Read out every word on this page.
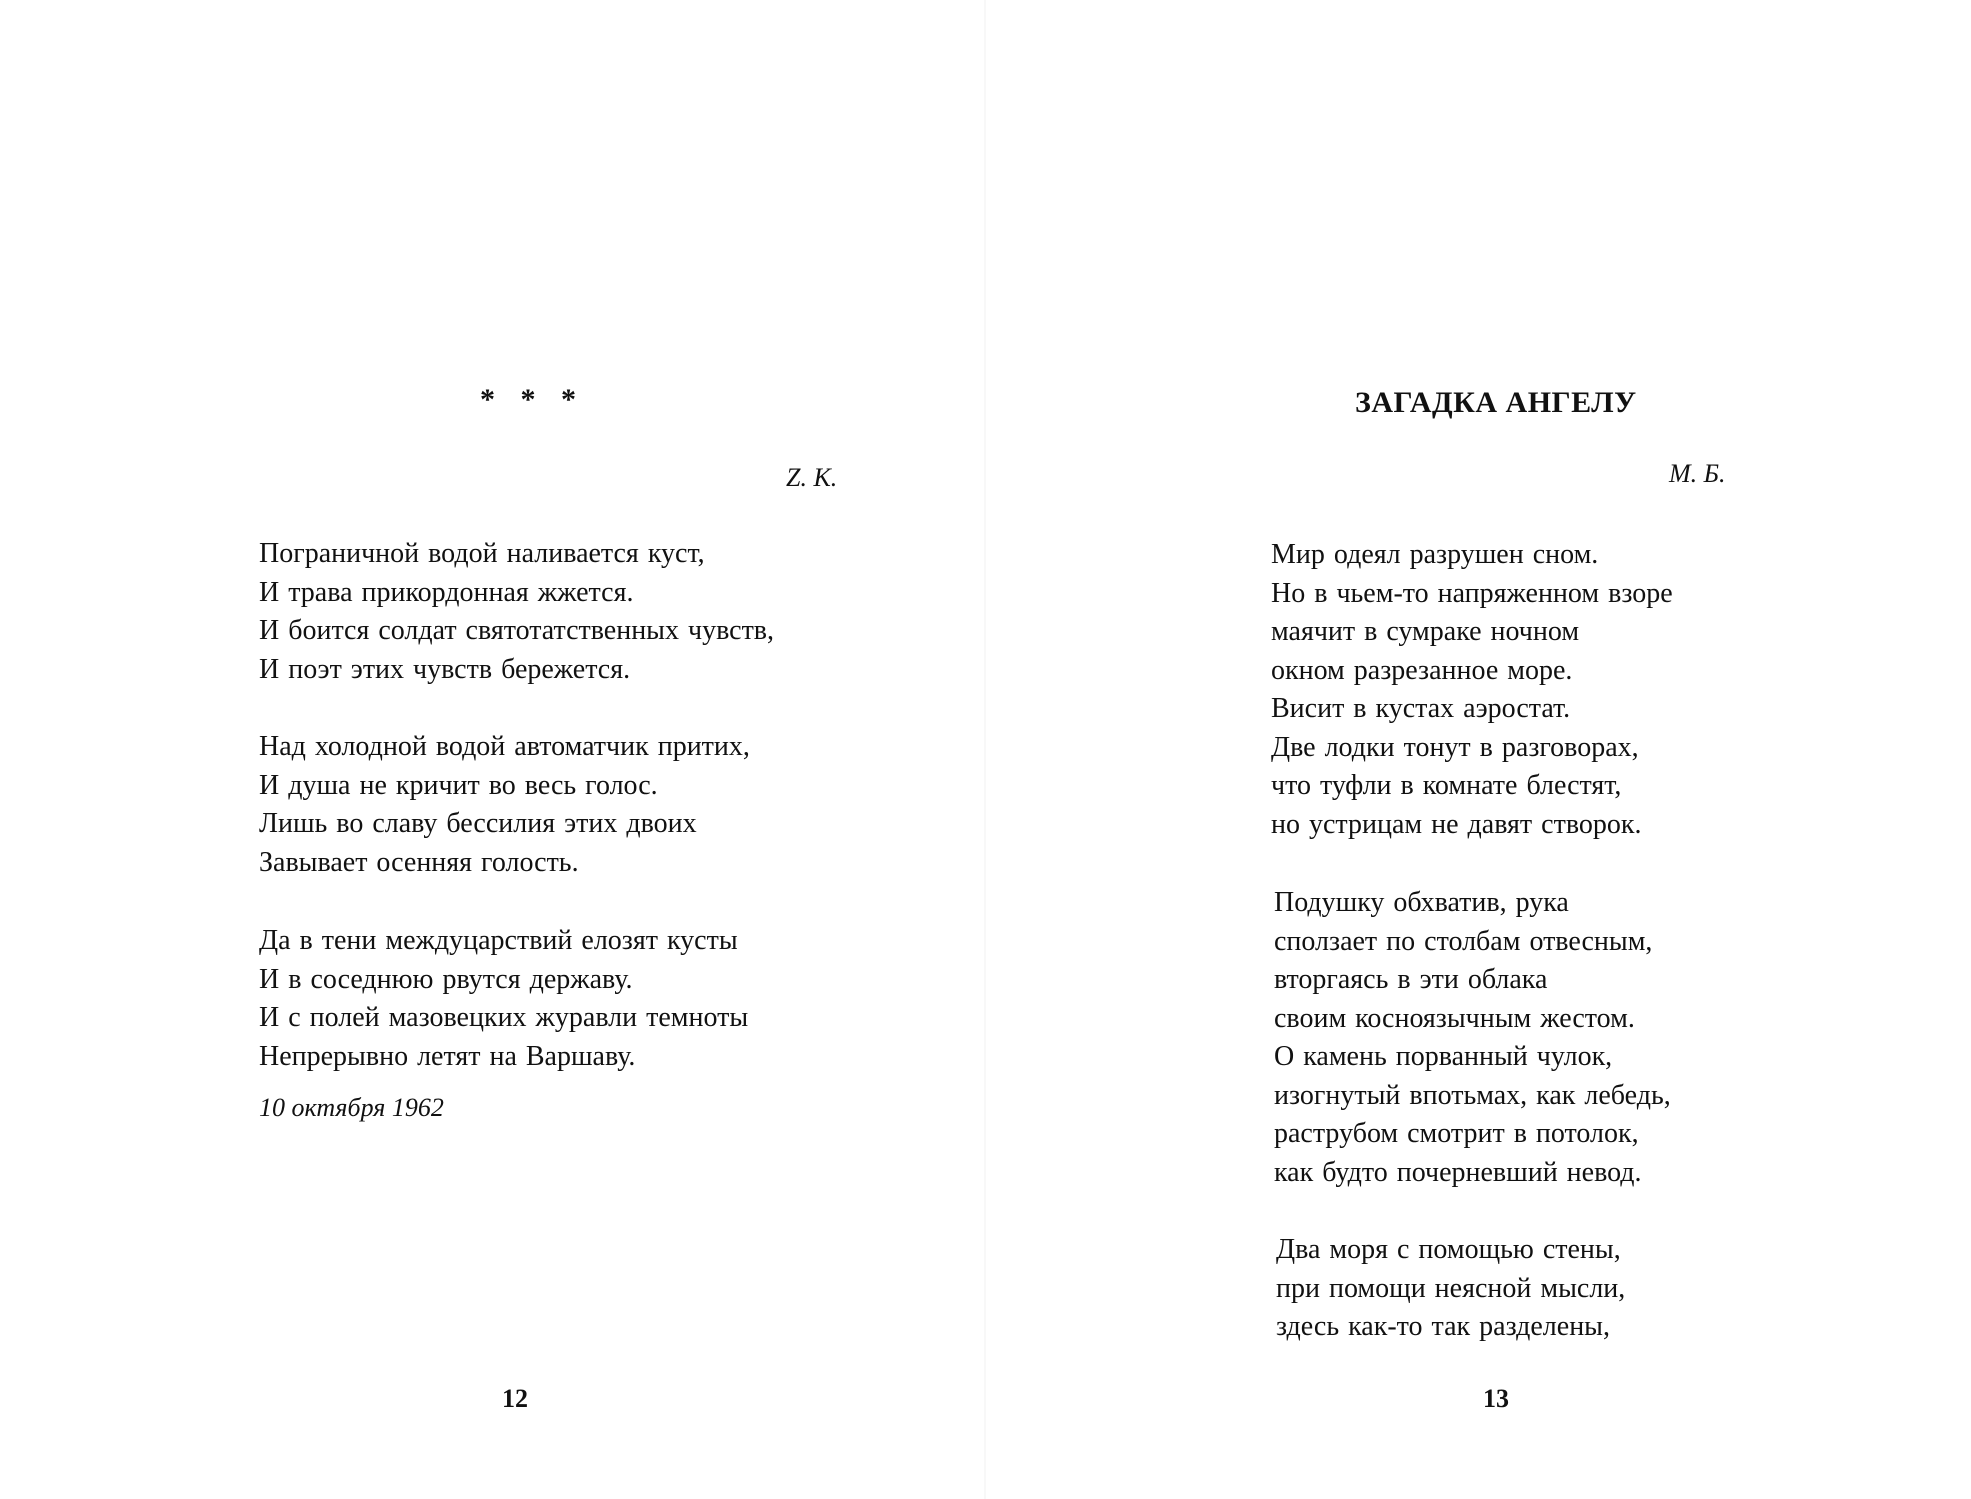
* * *
Z. K.
Пограничной водой наливается куст,
И трава прикордонная жжется.
И боится солдат святотатственных чувств,
И поэт этих чувств бережется.
Над холодной водой автоматчик притих,
И душа не кричит во весь голос.
Лишь во славу бессилия этих двоих
Завывает осенняя голость.
Да в тени междуцарствий елозят кусты
И в соседнюю рвутся державу.
И с полей мазовецких журавли темноты
Непрерывно летят на Варшаву.
10 октября 1962
12
ЗАГАДКА АНГЕЛУ
М. Б.
Мир одеял разрушен сном.
Но в чьем-то напряженном взоре
маячит в сумраке ночном
окном разрезанное море.
Висит в кустах аэростат.
Две лодки тонут в разговорах,
что туфли в комнате блестят,
но устрицам не давят створок.
Подушку обхватив, рука
сползает по столбам отвесным,
вторгаясь в эти облака
своим косноязычным жестом.
О камень порванный чулок,
изогнутый впотьмах, как лебедь,
раструбом смотрит в потолок,
как будто почерневший невод.
Два моря с помощью стены,
при помощи неясной мысли,
здесь как-то так разделены,
13
